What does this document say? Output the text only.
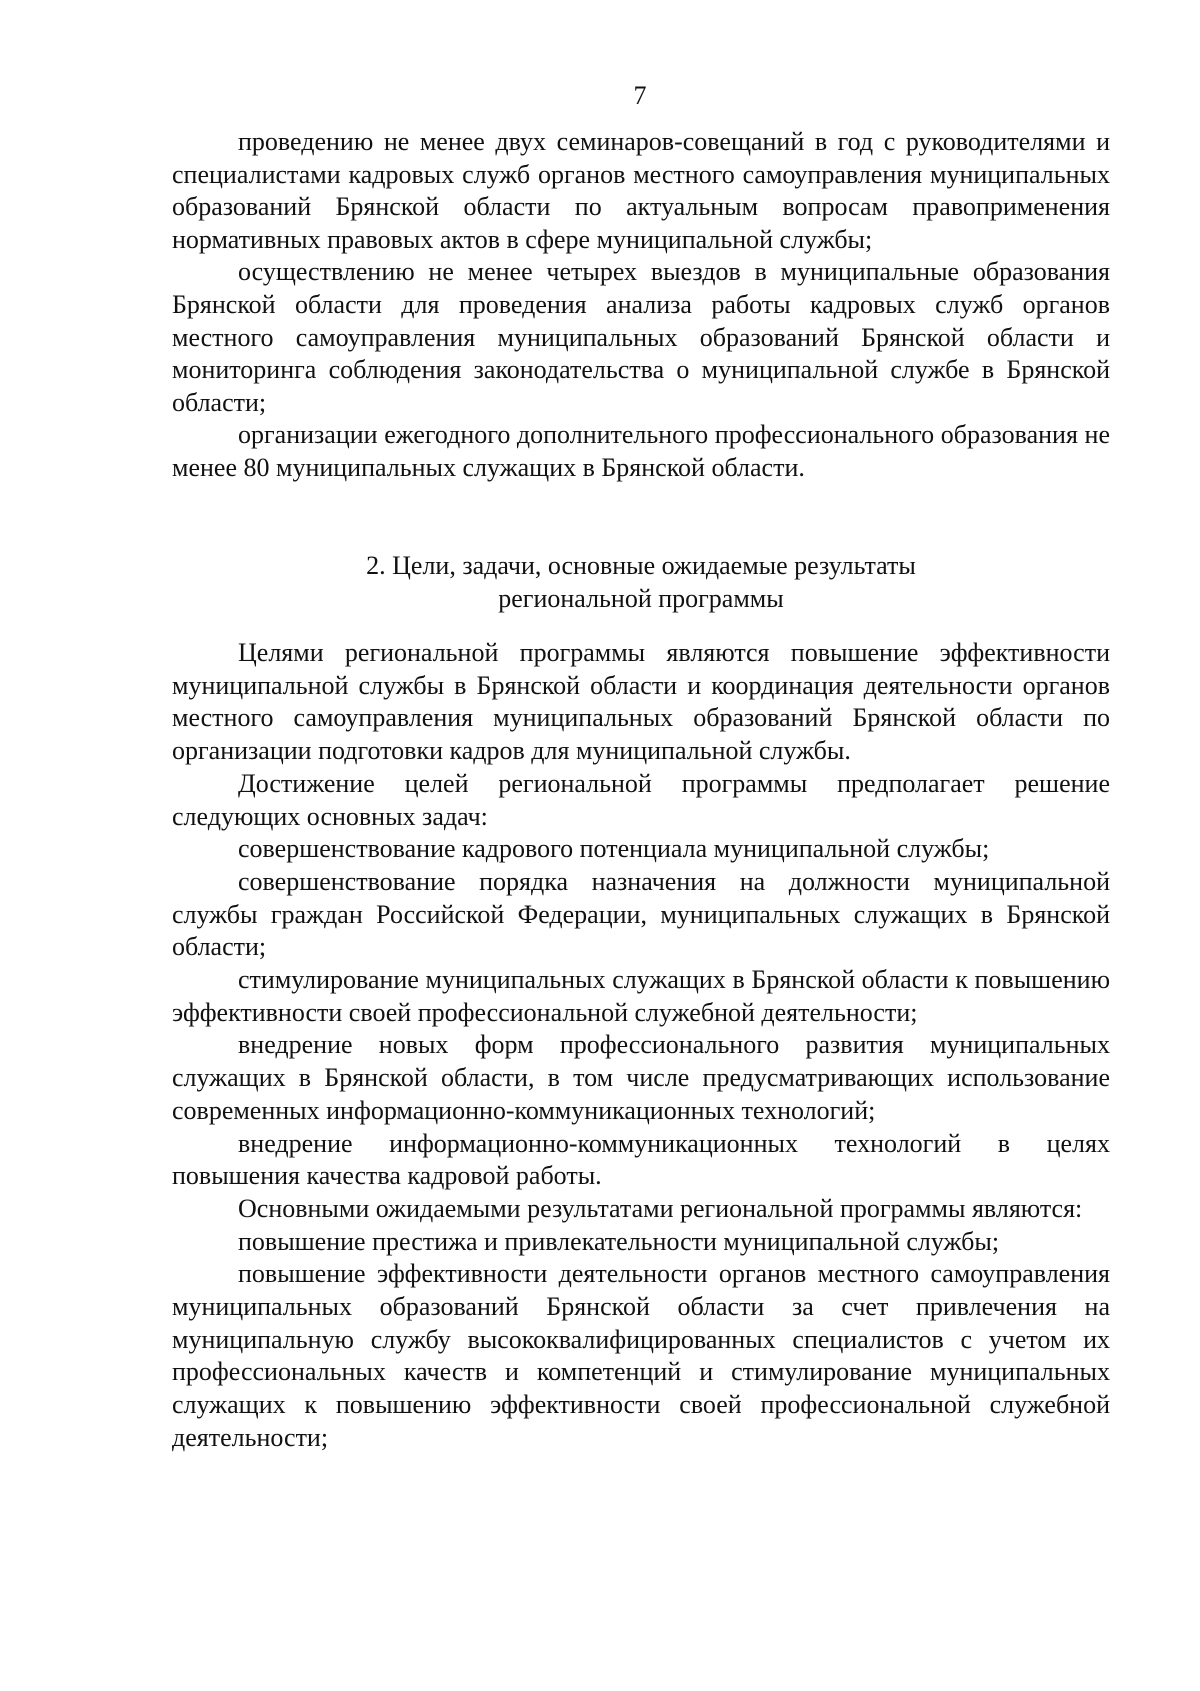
7

проведению не менее двух семинаров-совещаний в год с руководителями и специалистами кадровых служб органов местного самоуправления муниципальных образований Брянской области по актуальным вопросам правоприменения нормативных правовых актов в сфере муниципальной службы;

осуществлению не менее четырех выездов в муниципальные образования Брянской области для проведения анализа работы кадровых служб органов местного самоуправления муниципальных образований Брянской области и мониторинга соблюдения законодательства о муниципальной службе в Брянской области;

организации ежегодного дополнительного профессионального образования не менее 80 муниципальных служащих в Брянской области.

2. Цели, задачи, основные ожидаемые результаты
региональной программы

Целями региональной программы являются повышение эффективности муниципальной службы в Брянской области и координация деятельности органов местного самоуправления муниципальных образований Брянской области по организации подготовки кадров для муниципальной службы.

Достижение целей региональной программы предполагает решение следующих основных задач:

совершенствование кадрового потенциала муниципальной службы;

совершенствование порядка назначения на должности муниципальной службы граждан Российской Федерации, муниципальных служащих в Брянской области;

стимулирование муниципальных служащих в Брянской области к повышению эффективности своей профессиональной служебной деятельности;

внедрение новых форм профессионального развития муниципальных служащих в Брянской области, в том числе предусматривающих использование современных информационно-коммуникационных технологий;

внедрение информационно-коммуникационных технологий в целях повышения качества кадровой работы.

Основными ожидаемыми результатами региональной программы являются:

повышение престижа и привлекательности муниципальной службы;

повышение эффективности деятельности органов местного самоуправления муниципальных образований Брянской области за счет привлечения на муниципальную службу высококвалифицированных специалистов с учетом их профессиональных качеств и компетенций и стимулирование муниципальных служащих к повышению эффективности своей профессиональной служебной деятельности;
